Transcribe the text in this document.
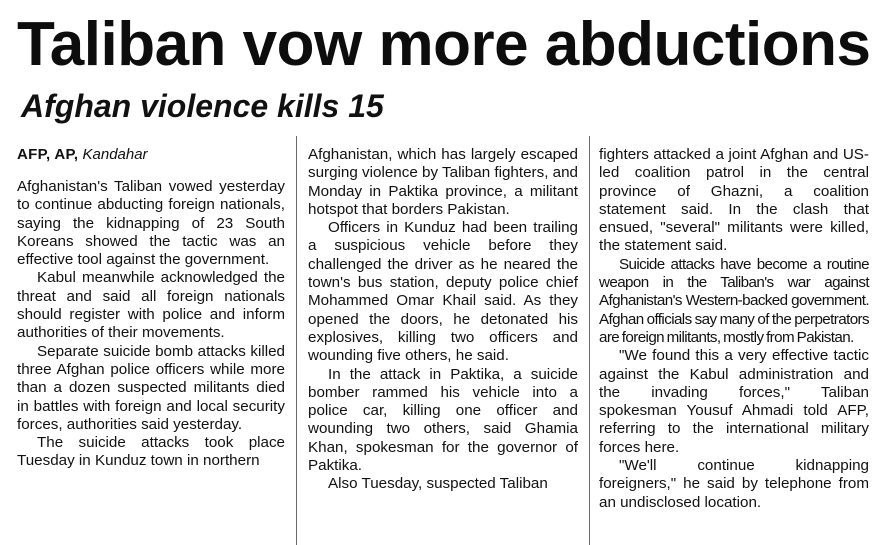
Taliban vow more abductions
Afghan violence kills 15
AFP, AP, Kandahar

Afghanistan's Taliban vowed yesterday to continue abducting foreign nationals, saying the kidnapping of 23 South Koreans showed the tactic was an effective tool against the government.

Kabul meanwhile acknowledged the threat and said all foreign nationals should register with police and inform authorities of their movements.

Separate suicide bomb attacks killed three Afghan police officers while more than a dozen suspected militants died in battles with foreign and local security forces, authorities said yesterday.

The suicide attacks took place Tuesday in Kunduz town in northern

Afghanistan, which has largely escaped surging violence by Taliban fighters, and Monday in Paktika province, a militant hotspot that borders Pakistan.

Officers in Kunduz had been trailing a suspicious vehicle before they challenged the driver as he neared the town's bus station, deputy police chief Mohammed Omar Khail said. As they opened the doors, he detonated his explosives, killing two officers and wounding five others, he said.

In the attack in Paktika, a suicide bomber rammed his vehicle into a police car, killing one officer and wounding two others, said Ghamia Khan, spokesman for the governor of Paktika.

Also Tuesday, suspected Taliban

fighters attacked a joint Afghan and US-led coalition patrol in the central province of Ghazni, a coalition statement said. In the clash that ensued, "several" militants were killed, the statement said.

Suicide attacks have become a routine weapon in the Taliban's war against Afghanistan's Western-backed government. Afghan officials say many of the perpetrators are foreign militants, mostly from Pakistan.

"We found this a very effective tactic against the Kabul administration and the invading forces," Taliban spokesman Yousuf Ahmadi told AFP, referring to the international military forces here.

"We'll continue kidnapping foreigners," he said by telephone from an undisclosed location.
